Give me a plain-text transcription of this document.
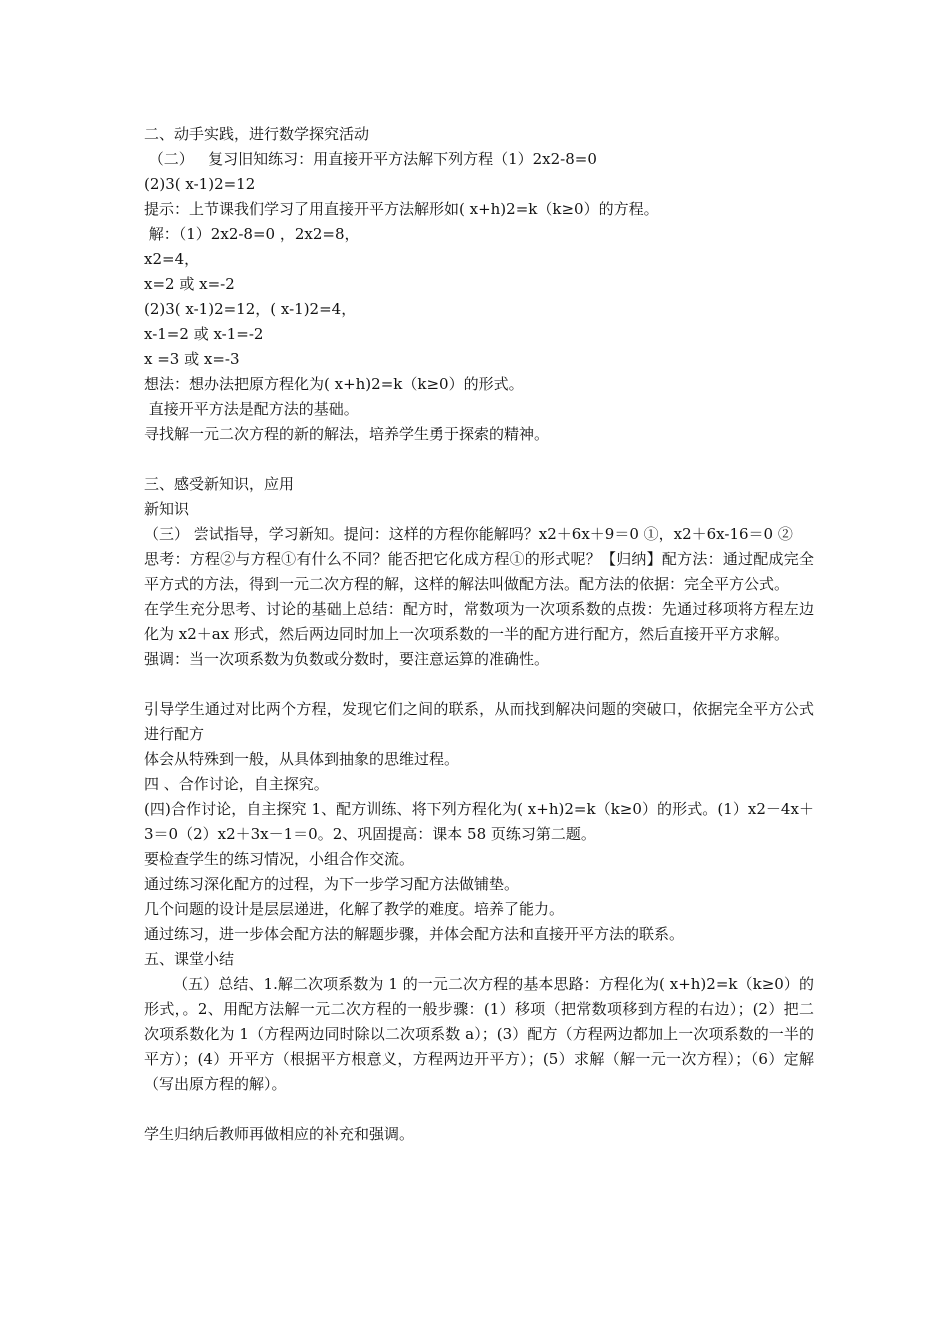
二、动手实践，进行数学探究活动
（二）   复习旧知练习：用直接开平方法解下列方程（1）2x2-8=0
(2)3( x-1)2=12
提示：上节课我们学习了用直接开平方法解形如( x+h)2=k（k≥0）的方程。
解：（1）2x2-8=0 ，2x2=8，
x2=4，
x=2 或 x=-2
(2)3( x-1)2=12，( x-1)2=4，
x-1=2 或 x-1=-2
x =3 或 x=-3
想法：想办法把原方程化为( x+h)2=k（k≥0）的形式。
直接开平方法是配方法的基础。
寻找解一元二次方程的新的解法，培养学生勇于探索的精神。
三、感受新知识，应用
新知识

（三） 尝试指导，学习新知。提问：这样的方程你能解吗？x2＋6x＋9＝0 ①，x2＋6x-16＝0 ②

思考：方程②与方程①有什么不同？能否把它化成方程①的形式呢？【归纳】配方法：通过配成完全平方式的方法，得到一元二次方程的解，这样的解法叫做配方法。配方法的依据：完全平方公式。

在学生充分思考、讨论的基础上总结：配方时，常数项为一次项系数的点拨：先通过移项将方程左边化为 x2＋ax 形式，然后两边同时加上一次项系数的一半的配方进行配方，然后直接开平方求解。

强调：当一次项系数为负数或分数时，要注意运算的准确性。

引导学生通过对比两个方程，发现它们之间的联系，从而找到解决问题的突破口，依据完全平方公式进行配方

体会从特殊到一般，从具体到抽象的思维过程。

四 、合作讨论，自主探究。

(四)合作讨论，自主探究 1、配方训练、将下列方程化为( x+h)2=k（k≥0）的形式。(1）x2－4x＋3＝0（2）x2＋3x－1＝0。2、巩固提高：课本 58 页练习第二题。

要检查学生的练习情况，小组合作交流。

通过练习深化配方的过程，为下一步学习配方法做铺垫。

几个问题的设计是层层递进，化解了教学的难度。培养了能力。

通过练习，进一步体会配方法的解题步骤，并体会配方法和直接开平方法的联系。

五、课堂小结

（五）总结、1.解二次项系数为 1 的一元二次方程的基本思路：方程化为( x+h)2=k（k≥0）的形式，。2、用配方法解一元二次方程的一般步骤：(1）移项（把常数项移到方程的右边）；(2）把二次项系数化为 1（方程两边同时除以二次项系数 a）；(3）配方（方程两边都加上一次项系数的一半的平方）；(4）开平方（根据平方根意义，方程两边开平方）；(5）求解（解一元一次方程）；（6）定解（写出原方程的解）。

学生归纳后教师再做相应的补充和强调。
